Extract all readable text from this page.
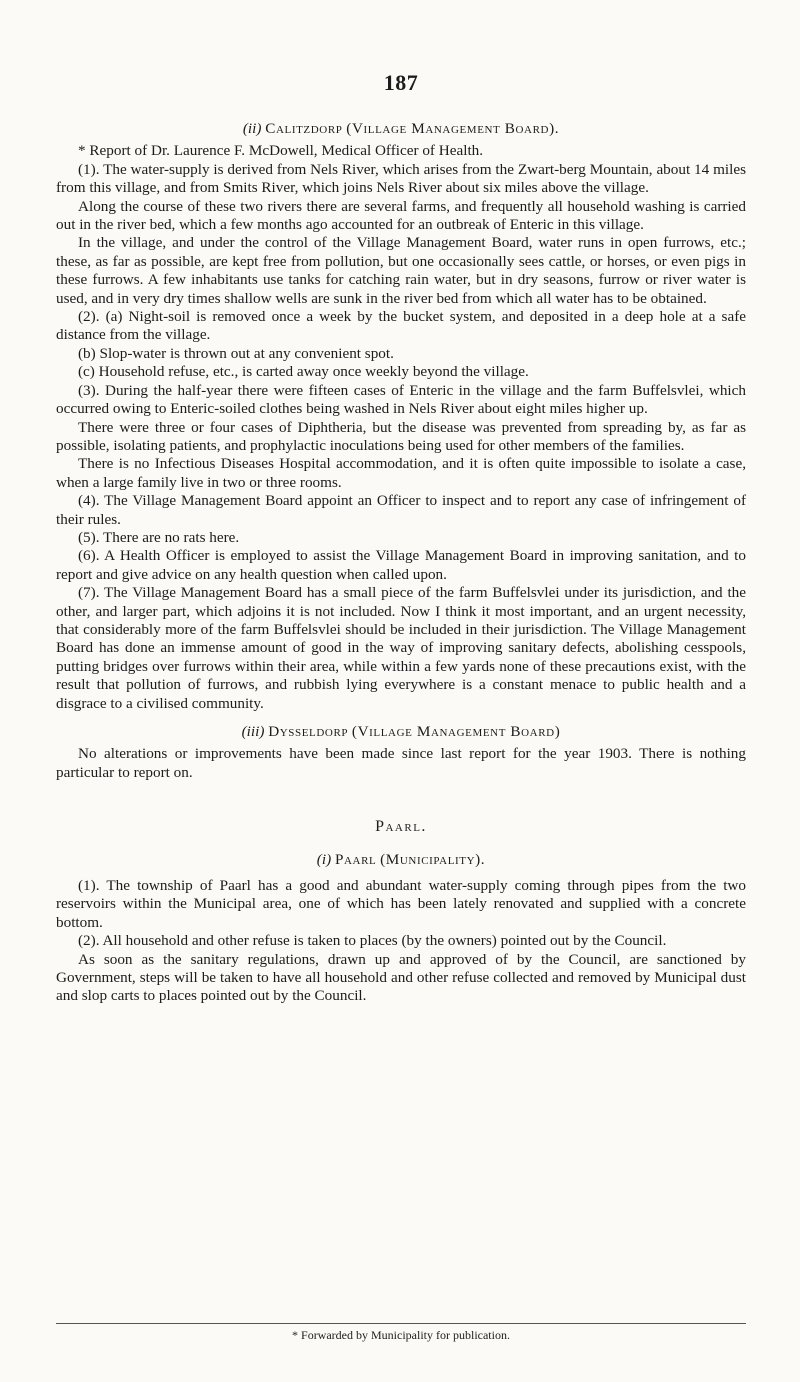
187

(ii) Calitzdorp (Village Management Board).

* Report of Dr. Laurence F. McDowell, Medical Officer of Health.

(1). The water-supply is derived from Nels River, which arises from the Zwart-berg Mountain, about 14 miles from this village, and from Smits River, which joins Nels River about six miles above the village.

Along the course of these two rivers there are several farms, and frequently all household washing is carried out in the river bed, which a few months ago accounted for an outbreak of Enteric in this village.

In the village, and under the control of the Village Management Board, water runs in open furrows, etc.; these, as far as possible, are kept free from pollution, but one occasionally sees cattle, or horses, or even pigs in these furrows. A few inhabitants use tanks for catching rain water, but in dry seasons, furrow or river water is used, and in very dry times shallow wells are sunk in the river bed from which all water has to be obtained.

(2). (a) Night-soil is removed once a week by the bucket system, and deposited in a deep hole at a safe distance from the village.

(b) Slop-water is thrown out at any convenient spot.

(c) Household refuse, etc., is carted away once weekly beyond the village.

(3). During the half-year there were fifteen cases of Enteric in the village and the farm Buffelsvlei, which occurred owing to Enteric-soiled clothes being washed in Nels River about eight miles higher up.

There were three or four cases of Diphtheria, but the disease was prevented from spreading by, as far as possible, isolating patients, and prophylactic inoculations being used for other members of the families.

There is no Infectious Diseases Hospital accommodation, and it is often quite impossible to isolate a case, when a large family live in two or three rooms.

(4). The Village Management Board appoint an Officer to inspect and to report any case of infringement of their rules.

(5). There are no rats here.

(6). A Health Officer is employed to assist the Village Management Board in improving sanitation, and to report and give advice on any health question when called upon.

(7). The Village Management Board has a small piece of the farm Buffelsvlei under its jurisdiction, and the other, and larger part, which adjoins it is not included. Now I think it most important, and an urgent necessity, that considerably more of the farm Buffelsvlei should be included in their jurisdiction. The Village Management Board has done an immense amount of good in the way of improving sanitary defects, abolishing cesspools, putting bridges over furrows within their area, while within a few yards none of these precautions exist, with the result that pollution of furrows, and rubbish lying everywhere is a constant menace to public health and a disgrace to a civilised community.

(iii) Dysseldorp (Village Management Board)

No alterations or improvements have been made since last report for the year 1903. There is nothing particular to report on.

Paarl.

(i) Paarl (Municipality).

(1). The township of Paarl has a good and abundant water-supply coming through pipes from the two reservoirs within the Municipal area, one of which has been lately renovated and supplied with a concrete bottom.

(2). All household and other refuse is taken to places (by the owners) pointed out by the Council.

As soon as the sanitary regulations, drawn up and approved of by the Council, are sanctioned by Government, steps will be taken to have all household and other refuse collected and removed by Municipal dust and slop carts to places pointed out by the Council.

* Forwarded by Municipality for publication.
